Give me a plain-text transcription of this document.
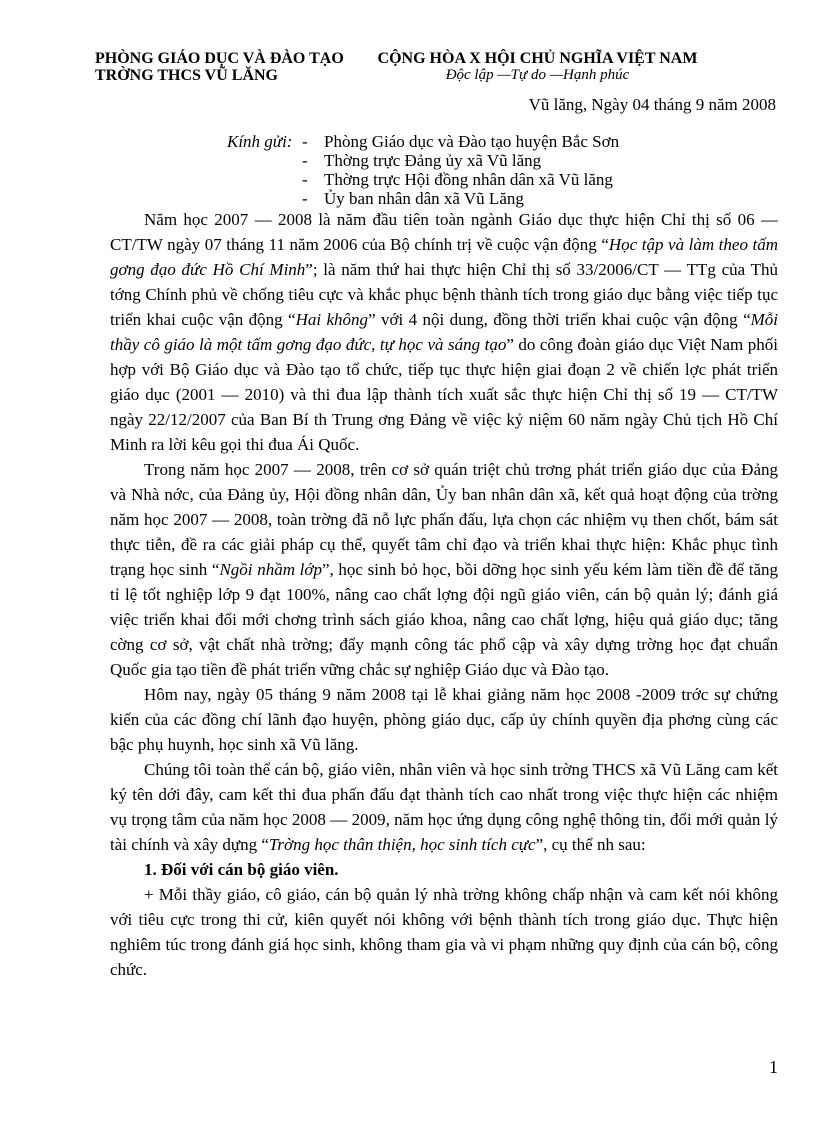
PHÒNG GIÁO DỤC VÀ ĐÀO TẠO
TRỜNG THCS VŨ LĂNG
CỘNG HÒA X HỘI CHỦ NGHĨA VIỆT NAM
Độc lập —Tự do —Hạnh phúc
Vũ lăng, Ngày 04 tháng 9 năm 2008
Kính gửi: - Phòng Giáo dục và Đào tạo huyện Bắc Sơn
- Thờng trực Đảng ủy xã Vũ lăng
- Thờng trực Hội đồng nhân dân xã Vũ lăng
- Ủy ban nhân dân xã Vũ Lăng

Năm học 2007 — 2008 là năm đầu tiên toàn ngành Giáo dục thực hiện Chỉ thị số 06 — CT/TW ngày 07 tháng 11 năm 2006 của Bộ chính trị về cuộc vận động “Học tập và làm theo tấm gơng đạo đức Hồ Chí Minh”; là năm thứ hai thực hiện Chỉ thị số 33/2006/CT — TTg của Thủ tớng Chính phủ về chống tiêu cực và khắc phục bệnh thành tích trong giáo dục bằng việc tiếp tục triển khai cuộc vận động “Hai không” với 4 nội dung, đồng thời triển khai cuộc vận động “Mỗi thầy cô giáo là một tấm gơng đạo đức, tự học và sáng tạo” do công đoàn giáo dục Việt Nam phối hợp với Bộ Giáo dục và Đào tạo tổ chức, tiếp tục thực hiện giai đoạn 2 về chiến lợc phát triển giáo dục (2001 — 2010) và thi đua lập thành tích xuất sắc thực hiện Chỉ thị số 19 — CT/TW ngày 22/12/2007 của Ban Bí th Trung ơng Đảng về việc kỷ niệm 60 năm ngày Chủ tịch Hồ Chí Minh ra lời kêu gọi thi đua Ái Quốc.

Trong năm học 2007 — 2008, trên cơ sở quán triệt chủ trơng phát triển giáo dục của Đảng và Nhà nớc, của Đảng ủy, Hội đồng nhân dân, Ủy ban nhân dân xã, kết quả hoạt động của trờng năm học 2007 — 2008, toàn trờng đã nỗ lực phấn đấu, lựa chọn các nhiệm vụ then chốt, bám sát thực tiễn, đề ra các giải pháp cụ thể, quyết tâm chỉ đạo và triển khai thực hiện: Khắc phục tình trạng học sinh “Ngồi nhầm lớp”, học sinh bỏ học, bồi dỡng học sinh yếu kém làm tiền đề để tăng tỉ lệ tốt nghiệp lớp 9 đạt 100%, nâng cao chất lợng đội ngũ giáo viên, cán bộ quản lý; đánh giá việc triển khai đổi mới chơng trình sách giáo khoa, nâng cao chất lợng, hiệu quả giáo dục; tăng cờng cơ sở, vật chất nhà trờng; đẩy mạnh công tác phổ cập và xây dựng trờng học đạt chuẩn Quốc gia tạo tiền đề phát triển vững chắc sự nghiệp Giáo dục và Đào tạo.

Hôm nay, ngày 05 tháng 9 năm 2008 tại lễ khai giảng năm học 2008 -2009 trớc sự chứng kiến của các đồng chí lãnh đạo huyện, phòng giáo dục, cấp ủy chính quyền địa phơng cùng các bậc phụ huynh, học sinh xã Vũ lăng.

Chúng tôi toàn thể cán bộ, giáo viên, nhân viên và học sinh trờng THCS xã Vũ Lăng cam kết ký tên dới đây, cam kết thi đua phấn đấu đạt thành tích cao nhất trong việc thực hiện các nhiệm vụ trọng tâm của năm học 2008 — 2009, năm học ứng dụng công nghệ thông tin, đổi mới quản lý tài chính và xây dựng “Trờng học thân thiện, học sinh tích cực”, cụ thể nh sau:

1. Đối với cán bộ giáo viên.

+ Mỗi thầy giáo, cô giáo, cán bộ quản lý nhà trờng không chấp nhận và cam kết nói không với tiêu cực trong thi cử, kiên quyết nói không với bệnh thành tích trong giáo dục. Thực hiện nghiêm túc trong đánh giá học sinh, không tham gia và vi phạm những quy định của cán bộ, công chức.

1
